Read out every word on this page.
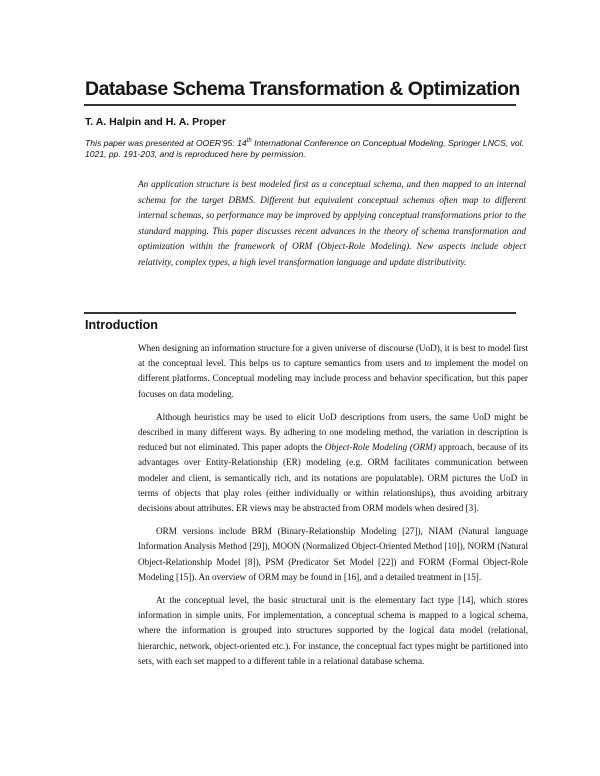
Database Schema Transformation & Optimization
T. A. Halpin and H. A. Proper
This paper was presented at OOER'95: 14th International Conference on Conceptual Modeling, Springer LNCS, vol. 1021, pp. 191-203, and is reproduced here by permission.

An application structure is best modeled first as a conceptual schema, and then mapped to an internal schema for the target DBMS. Different but equivalent conceptual schemas often map to different internal schemas, so performance may be improved by applying conceptual transformations prior to the standard mapping. This paper discusses recent advances in the theory of schema transformation and optimization within the framework of ORM (Object-Role Modeling). New aspects include object relativity, complex types, a high level transformation language and update distributivity.

Introduction

When designing an information structure for a given universe of discourse (UoD), it is best to model first at the conceptual level. This helps us to capture semantics from users and to implement the model on different platforms. Conceptual modeling may include process and behavior specification, but this paper focuses on data modeling.

Although heuristics may be used to elicit UoD descriptions from users, the same UoD might be described in many different ways. By adhering to one modeling method, the variation in description is reduced but not eliminated. This paper adopts the Object-Role Modeling (ORM) approach, because of its advantages over Entity-Relationship (ER) modeling (e.g. ORM facilitates communication between modeler and client, is semantically rich, and its notations are populatable). ORM pictures the UoD in terms of objects that play roles (either individually or within relationships), thus avoiding arbitrary decisions about attributes. ER views may be abstracted from ORM models when desired [3].

ORM versions include BRM (Binary-Relationship Modeling [27]), NIAM (Natural language Information Analysis Method [29]), MOON (Normalized Object-Oriented Method [10]), NORM (Natural Object-Relationship Model [8]), PSM (Predicator Set Model [22]) and FORM (Formal Object-Role Modeling [15]). An overview of ORM may be found in [16], and a detailed treatment in [15].

At the conceptual level, the basic structural unit is the elementary fact type [14], which stores information in simple units. For implementation, a conceptual schema is mapped to a logical schema, where the information is grouped into structures supported by the logical data model (relational, hierarchic, network, object-oriented etc.). For instance, the conceptual fact types might be partitioned into sets, with each set mapped to a different table in a relational database schema.
